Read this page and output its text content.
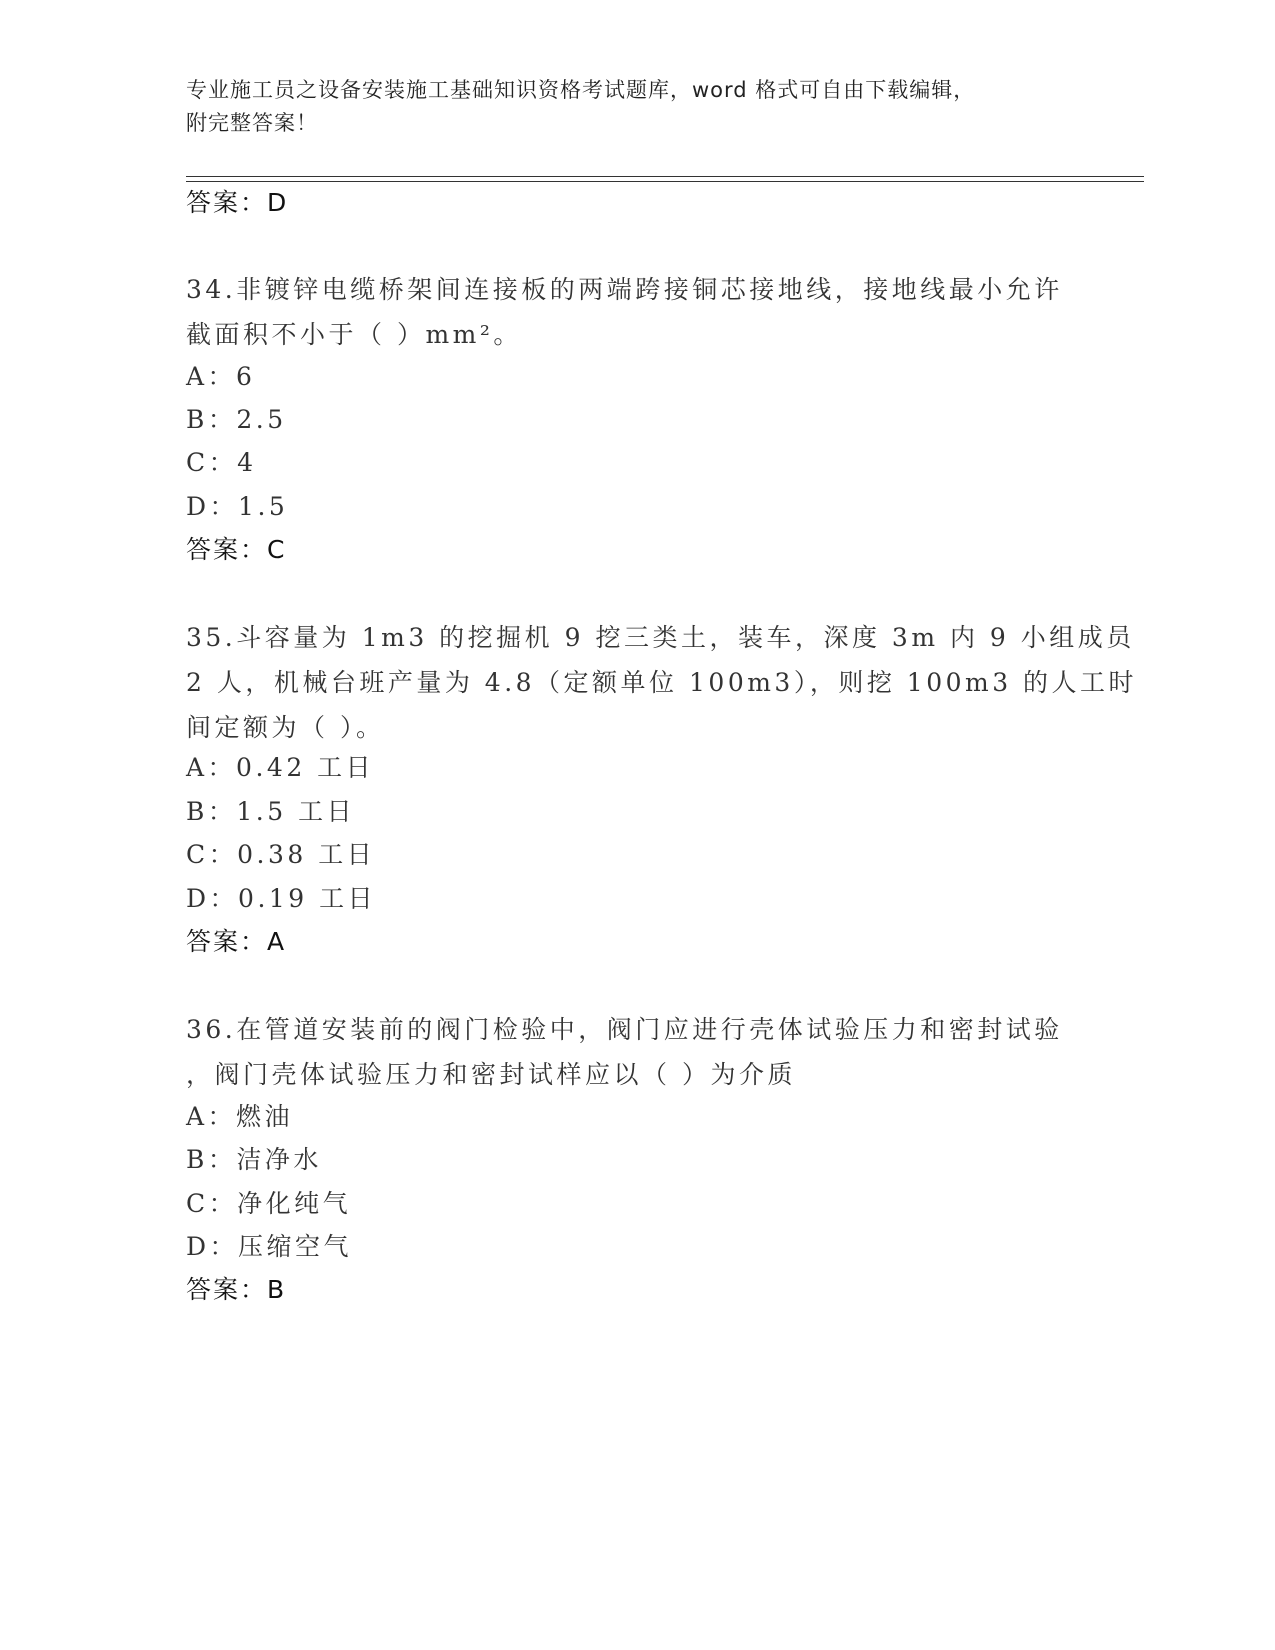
专业施工员之设备安装施工基础知识资格考试题库，word 格式可自由下载编辑，
附完整答案！
答案：D
34.非镀锌电缆桥架间连接板的两端跨接铜芯接地线，接地线最小允许
截面积不小于（ ）mm²。
A：6
B：2.5
C：4
D：1.5
答案：C
35.斗容量为 1m3 的挖掘机 9 挖三类土，装车，深度 3m 内 9 小组成员
2 人，机械台班产量为 4.8（定额单位 100m3），则挖 100m3 的人工时
间定额为（ ）。
A：0.42 工日
B：1.5 工日
C：0.38 工日
D：0.19 工日
答案：A
36.在管道安装前的阀门检验中，阀门应进行壳体试验压力和密封试验
，阀门壳体试验压力和密封试样应以（ ）为介质
A：燃油
B：洁净水
C：净化纯气
D：压缩空气
答案：B
